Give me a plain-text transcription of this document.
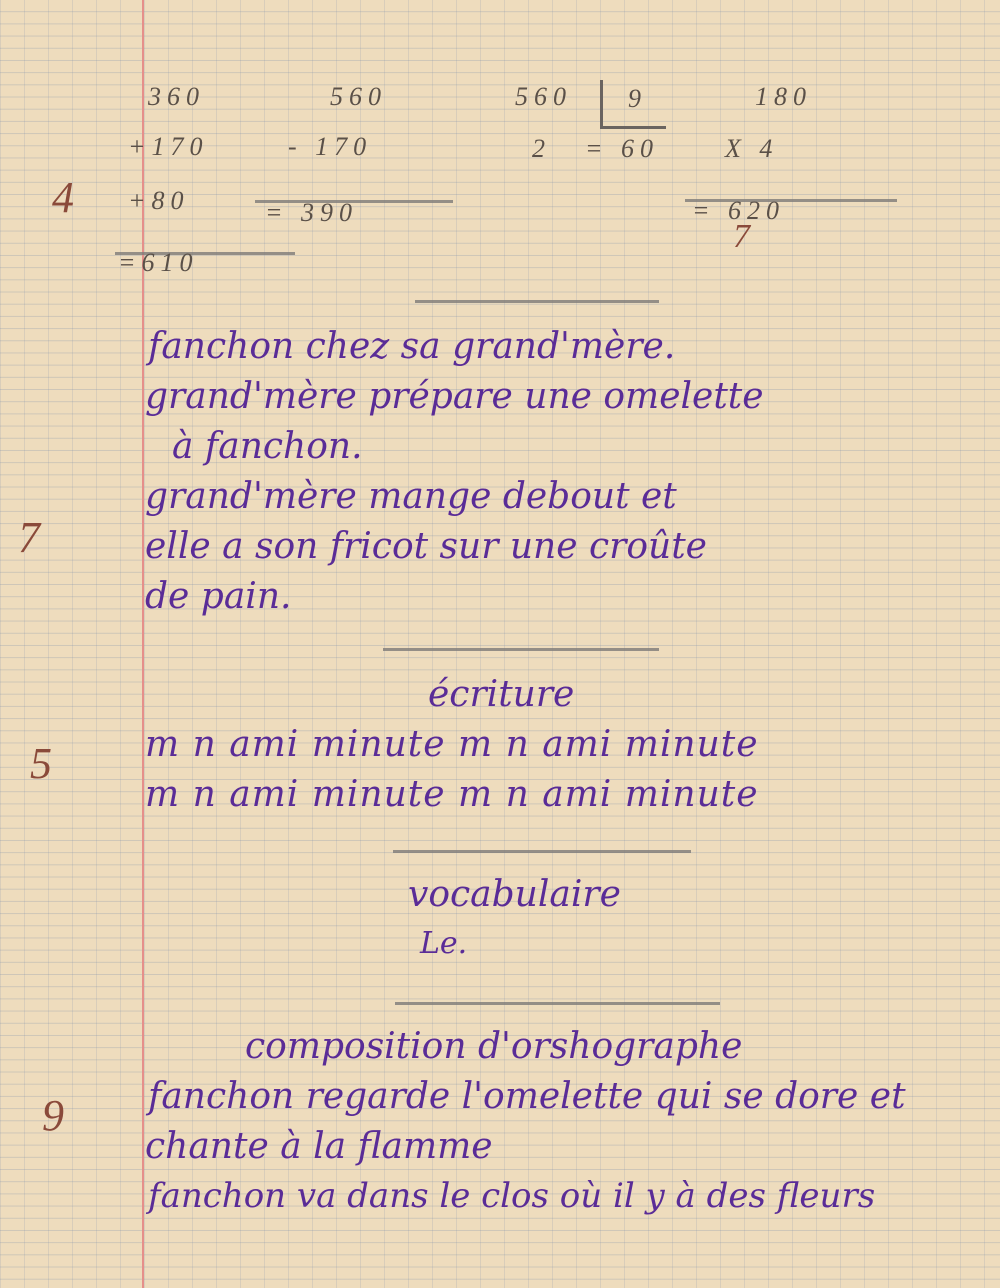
360
+170
+80
=610
560
- 170
= 390
560 9
2 = 60
180
X 4
= 620
4
7
7
5
9
fanchon chez sa grand'mère.
grand'mère prépare une omelette
à fanchon.
grand'mère mange debout et
elle a son fricot sur une croûte
de pain.
écriture
m n ami minute m n ami minute
m n ami minute m n ami minute
vocabulaire
Le.
composition d'orshographe
fanchon regarde l'omelette qui se dore et
chante à la flamme
fanchon va dans le clos où il y à des fleurs
